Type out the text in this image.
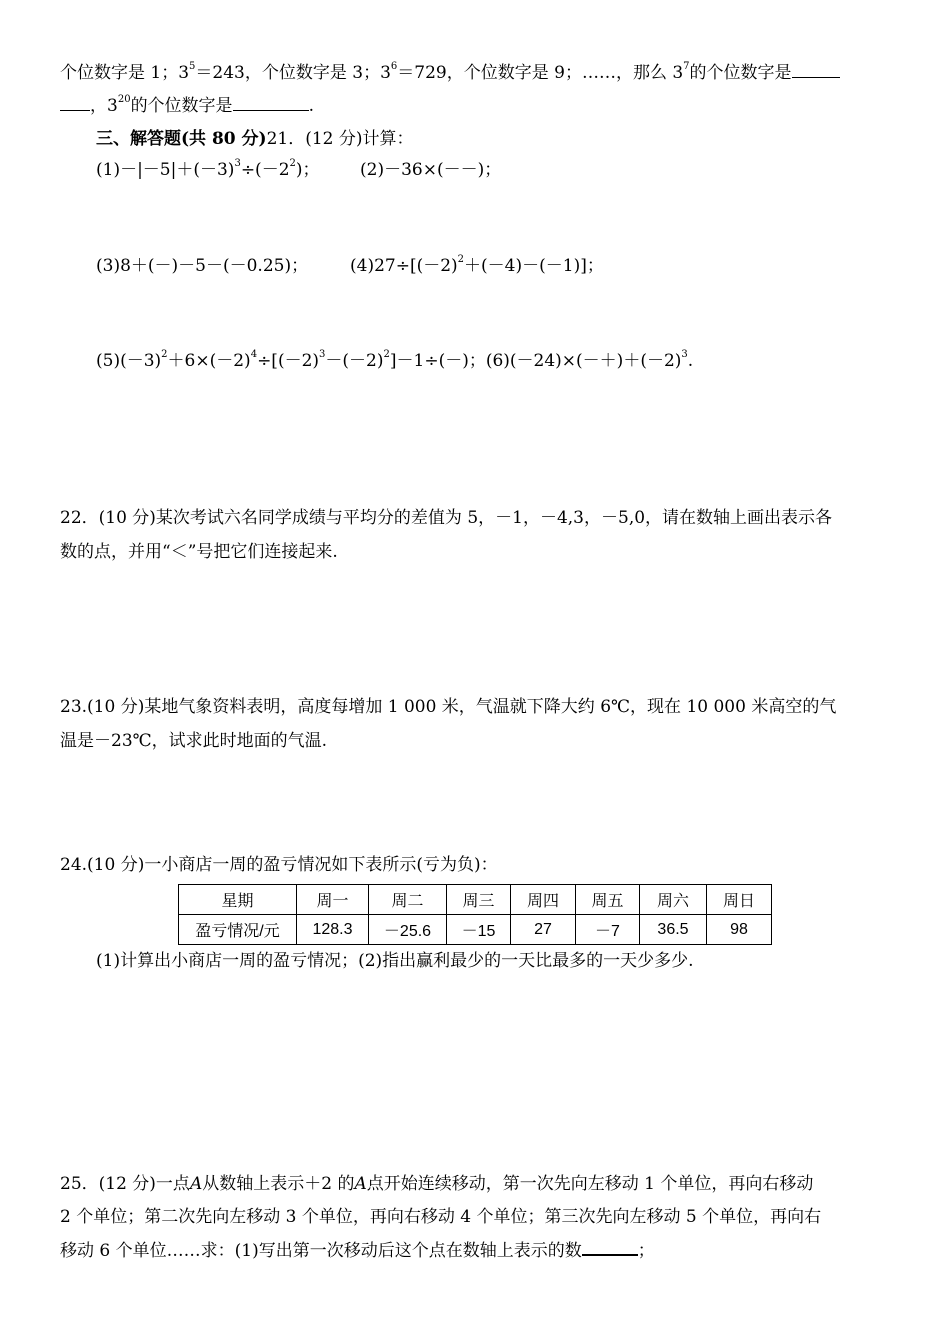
个位数字是 1；$3^5=243$，个位数字是 3；$3^6=729$，个位数字是 9；……，那么 $3^7$的个位数字是
，$3^{20}$的个位数字是	.
三、解答题(共 80 分)21．(12 分)计算：
$(1)-|-5|+(-3)^3\div(-2^2)$； (2)－36×(－－)；
(3)8＋(－)－5－(－0.25)； $(4)27\div[(-2)^2+(-4)-(-1)]$；
$(5)(-3)^2+6\times(-2)^4\div[(-2)^3-(-2)^2]-1\div(-)$；$(6)(-24)\times(-+)+(-2)^3$.
22．(10 分)某次考试六名同学成绩与平均分的差值为 5，－1，－4,3，－5,0，请在数轴上画出表示各
数的点，并用“＜”号把它们连接起来.
23.(10 分)某地气象资料表明，高度每增加 1 000 米，气温就下降大约 6℃，现在 10 000 米高空的气
温是－23℃，试求此时地面的气温.
24.(10 分)一小商店一周的盈亏情况如下表所示(亏为负)：
星期	周一	周二	周三	周四	周五	周六	周日
盈亏情况/元	128.3	－25.6	－15	27	－7	36.5	98
(1)计算出小商店一周的盈亏情况；(2)指出赢利最少的一天比最多的一天少多少.
25．(12 分)一点A从数轴上表示＋2 的A点开始连续移动，第一次先向左移动 1 个单位，再向右移动
2 个单位；第二次先向左移动 3 个单位，再向右移动 4 个单位；第三次先向左移动 5 个单位，再向右
移动 6 个单位……求：(1)写出第一次移动后这个点在数轴上表示的数	；
